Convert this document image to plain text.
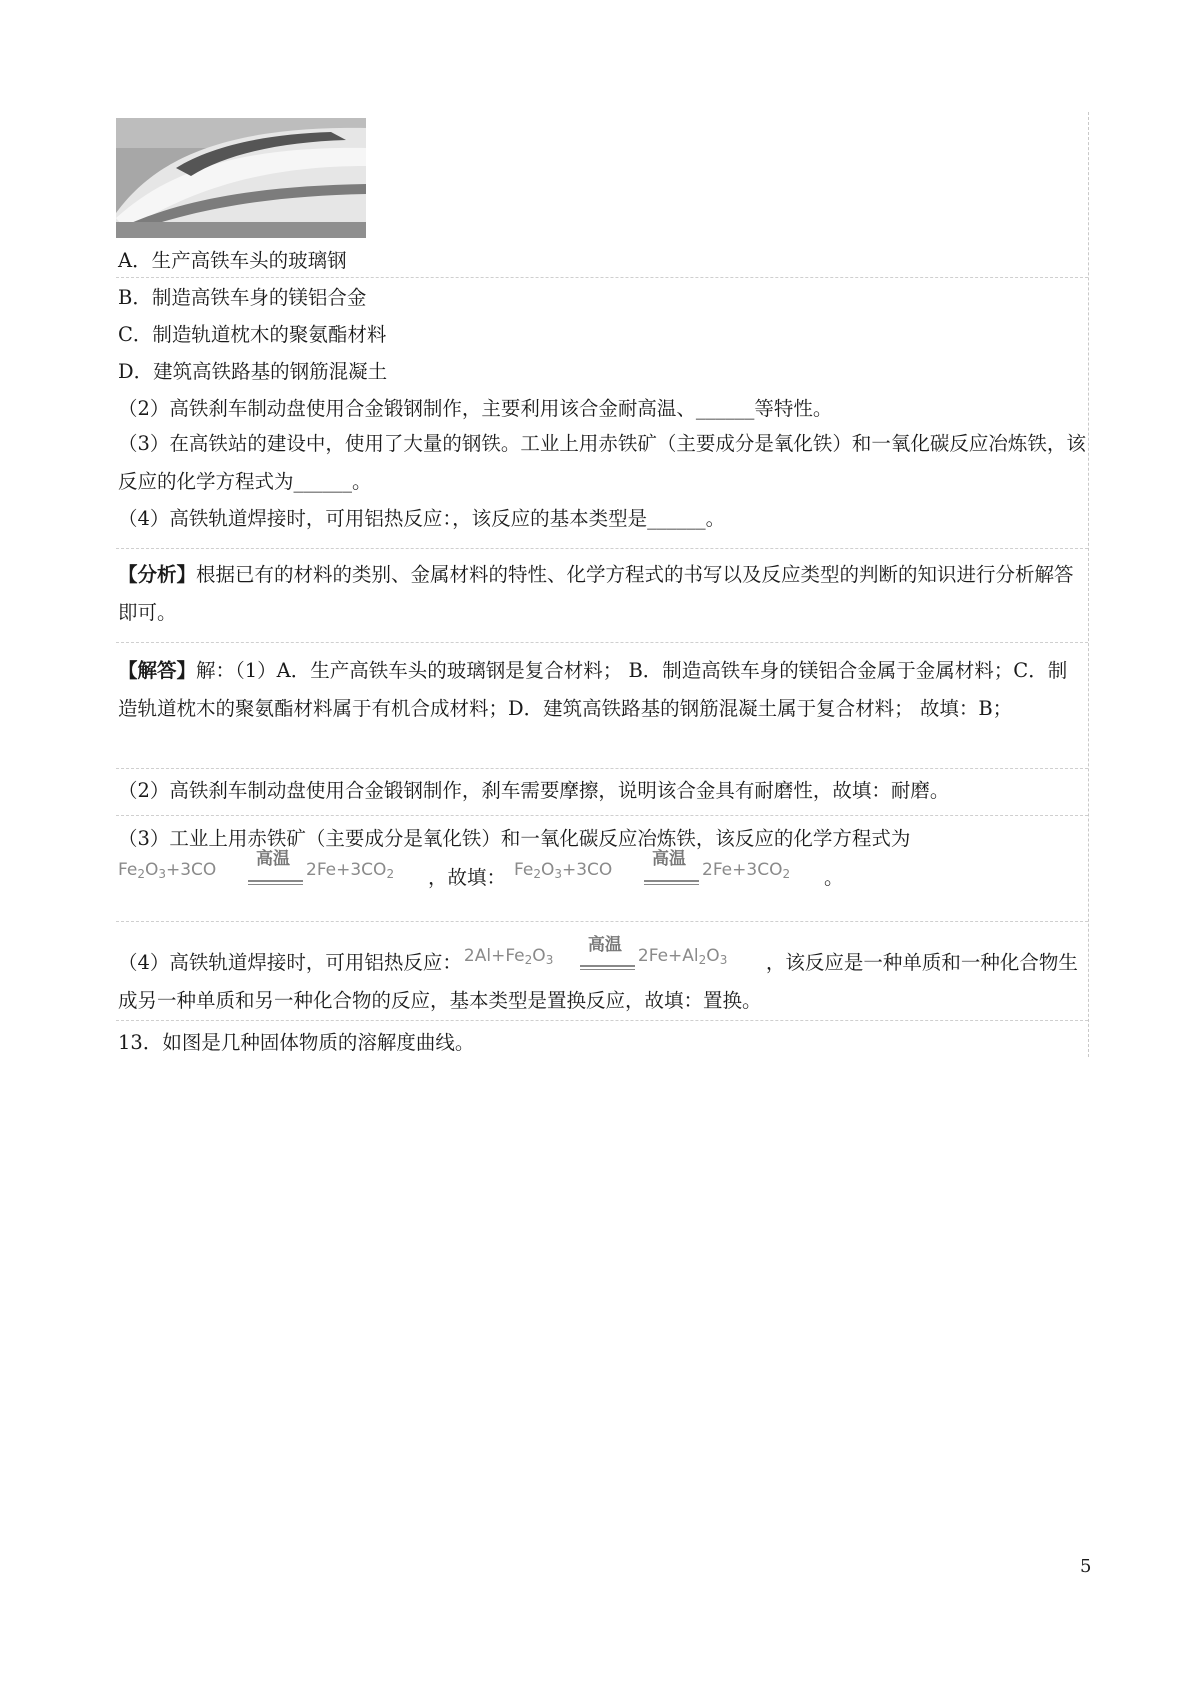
A．生产高铁车头的玻璃钢
B．制造高铁车身的镁铝合金
C．制造轨道枕木的聚氨酯材料
D．建筑高铁路基的钢筋混凝土
（2）高铁刹车制动盘使用合金锻钢制作，主要利用该合金耐高温、______等特性。
（3）在高铁站的建设中，使用了大量的钢铁。工业上用赤铁矿（主要成分是氧化铁）和一氧化碳反应冶炼铁，该反应的化学方程式为______。
（4）高铁轨道焊接时，可用铝热反应：，该反应的基本类型是______。
【分析】根据已有的材料的类别、金属材料的特性、化学方程式的书写以及反应类型的判断的知识进行分析解答即可。
【解答】解：（1）A．生产高铁车头的玻璃钢是复合材料； B．制造高铁车身的镁铝合金属于金属材料；C．制造轨道枕木的聚氨酯材料属于有机合成材料；D．建筑高铁路基的钢筋混凝土属于复合材料； 故填：B；
（2）高铁刹车制动盘使用合金锻钢制作，刹车需要摩擦，说明该合金具有耐磨性，故填：耐磨。
（3）工业上用赤铁矿（主要成分是氧化铁）和一氧化碳反应冶炼铁，该反应的化学方程式为
$Fe_2O_3+3CO$
高温
$2Fe+3CO_2$ ，故填： $Fe_2O_3+3CO$
高温
$2Fe+3CO_2$ 。
（4）高铁轨道焊接时，可用铝热反应： $2Al+Fe_2O_3$
高温
$2Fe+Al_2O_3$ ，该反应是一种单质和一种化合物生成另一种单质和另一种化合物的反应，基本类型是置换反应，故填：置换。
13．如图是几种固体物质的溶解度曲线。
5
